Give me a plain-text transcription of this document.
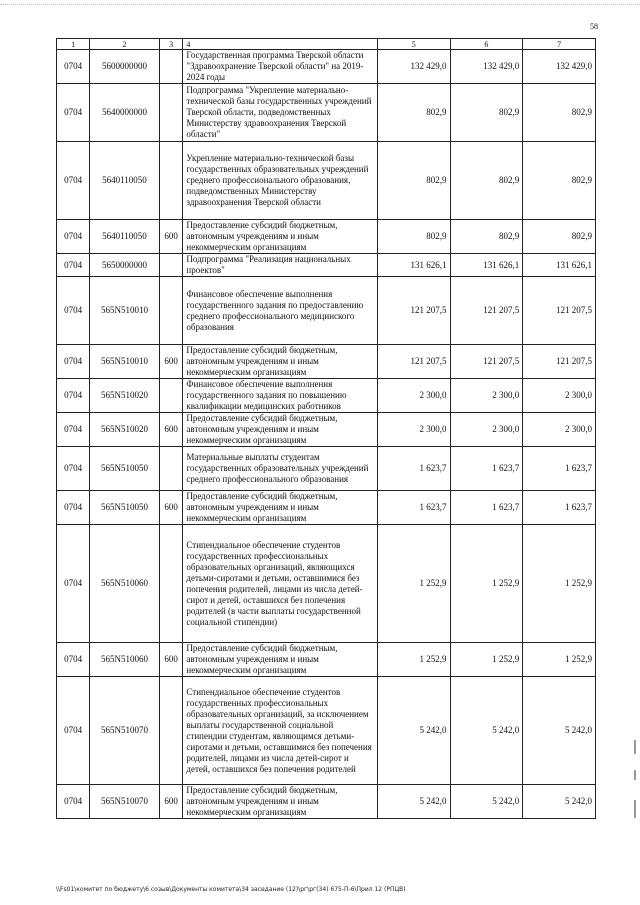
58
1	2	3	4	5	6	7
0704	5600000000		Государственная программа Тверской области "Здравоохранение Тверской области" на 2019-2024 годы	132 429,0	132 429,0	132 429,0
0704	5640000000		Подпрограмма "Укрепление материально-технической базы государственных учреждений Тверской области, подведомственных Министерству здравоохранения Тверской области"	802,9	802,9	802,9
0704	5640110050		Укрепление материально-технической базы государственных образовательных учреждений среднего профессионального образования, подведомственных Министерству здравоохранения Тверской области	802,9	802,9	802,9
0704	5640110050	600	Предоставление субсидий бюджетным, автономным учреждениям и иным некоммерческим организациям	802,9	802,9	802,9
0704	5650000000		Подпрограмма "Реализация национальных проектов"	131 626,1	131 626,1	131 626,1
0704	565N510010		Финансовое обеспечение выполнения государственного задания по предоставлению среднего профессионального медицинского образования	121 207,5	121 207,5	121 207,5
0704	565N510010	600	Предоставление субсидий бюджетным, автономным учреждениям и иным некоммерческим организациям	121 207,5	121 207,5	121 207,5
0704	565N510020		Финансовое обеспечение выполнения государственного задания по повышению квалификации медицинских работников	2 300,0	2 300,0	2 300,0
0704	565N510020	600	Предоставление субсидий бюджетным, автономным учреждениям и иным некоммерческим организациям	2 300,0	2 300,0	2 300,0
0704	565N510050		Материальные выплаты студентам государственных образовательных учреждений среднего профессионального образования	1 623,7	1 623,7	1 623,7
0704	565N510050	600	Предоставление субсидий бюджетным, автономным учреждениям и иным некоммерческим организациям	1 623,7	1 623,7	1 623,7
0704	565N510060		Стипендиальное обеспечение студентов государственных профессиональных образовательных организаций, являющихся детьми-сиротами и детьми, оставшимися без попечения родителей, лицами из числа детей-сирот и детей, оставшихся без попечения родителей (в части выплаты государственной социальной стипендии)	1 252,9	1 252,9	1 252,9
0704	565N510060	600	Предоставление субсидий бюджетным, автономным учреждениям и иным некоммерческим организациям	1 252,9	1 252,9	1 252,9
0704	565N510070		Стипендиальное обеспечение студентов государственных профессиональных образовательных организаций, за исключением выплаты государственной социальной стипендии студентам, являющимся детьми-сиротами и детьми, оставшимися без попечения родителей, лицами из числа детей-сирот и детей, оставшихся без попечения родителей	5 242,0	5 242,0	5 242,0
0704	565N510070	600	Предоставление субсидий бюджетным, автономным учреждениям и иным некоммерческим организациям	5 242,0	5 242,0	5 242,0
\\Fs01\комитет по бюджету\6 созыв\Документы комитета\34 заседание (12)\рг\рг(34) 675-П-6\Прил 12 (РПЦВ)
